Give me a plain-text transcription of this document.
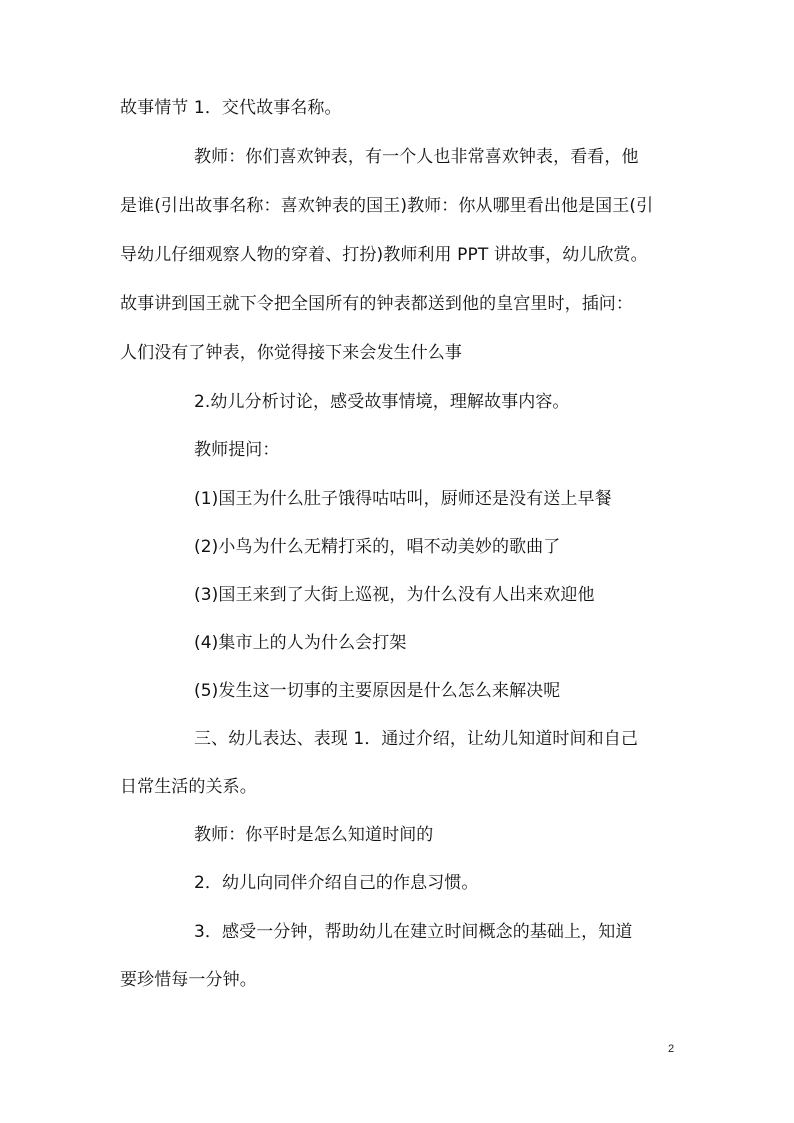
故事情节 1．交代故事名称。
教师：你们喜欢钟表，有一个人也非常喜欢钟表，看看，他
是谁(引出故事名称：喜欢钟表的国王)教师：你从哪里看出他是国王(引
导幼儿仔细观察人物的穿着、打扮)教师利用 PPT 讲故事，幼儿欣赏。
故事讲到国王就下令把全国所有的钟表都送到他的皇宫里时，插问：
人们没有了钟表，你觉得接下来会发生什么事
2.幼儿分析讨论，感受故事情境，理解故事内容。
教师提问：
(1)国王为什么肚子饿得咕咕叫，厨师还是没有送上早餐
(2)小鸟为什么无精打采的，唱不动美妙的歌曲了
(3)国王来到了大街上巡视，为什么没有人出来欢迎他
(4)集市上的人为什么会打架
(5)发生这一切事的主要原因是什么怎么来解决呢
三、幼儿表达、表现 1．通过介绍，让幼儿知道时间和自己
日常生活的关系。
教师：你平时是怎么知道时间的
2．幼儿向同伴介绍自己的作息习惯。
3．感受一分钟，帮助幼儿在建立时间概念的基础上，知道
要珍惜每一分钟。
2
